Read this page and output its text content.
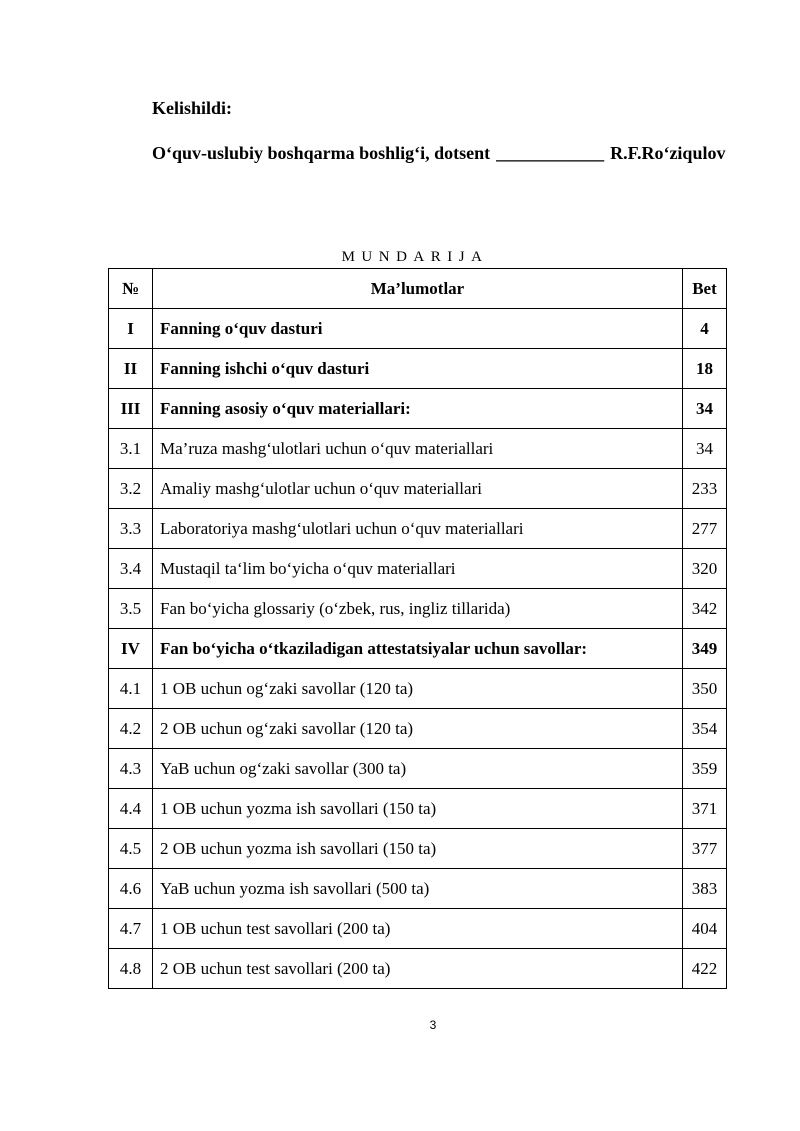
Kelishildi:
O‘quv-uslubiy boshqarma boshlig‘i, dotsent ____________ R.F.Ro‘ziqulov
MUNDARIJA
№	Ma’lumotlar	Bet
I	Fanning o‘quv dasturi	4
II	Fanning ishchi o‘quv dasturi	18
III	Fanning asosiy o‘quv materiallari:	34
3.1	Ma’ruza mashg‘ulotlari uchun o‘quv materiallari	34
3.2	Amaliy mashg‘ulotlar uchun o‘quv materiallari	233
3.3	Laboratoriya mashg‘ulotlari uchun o‘quv materiallari	277
3.4	Mustaqil ta‘lim bo‘yicha o‘quv materiallari	320
3.5	Fan bo‘yicha glossariy (o‘zbek, rus, ingliz tillarida)	342
IV	Fan bo‘yicha o‘tkaziladigan attestatsiyalar uchun savollar:	349
4.1	1 OB uchun og‘zaki savollar (120 ta)	350
4.2	2 OB uchun og‘zaki savollar (120 ta)	354
4.3	YaB uchun og‘zaki savollar (300 ta)	359
4.4	1 OB uchun yozma ish savollari (150 ta)	371
4.5	2 OB uchun yozma ish savollari (150 ta)	377
4.6	YaB uchun yozma ish savollari (500 ta)	383
4.7	1 OB uchun test savollari (200 ta)	404
4.8	2 OB uchun test savollari (200 ta)	422
3
